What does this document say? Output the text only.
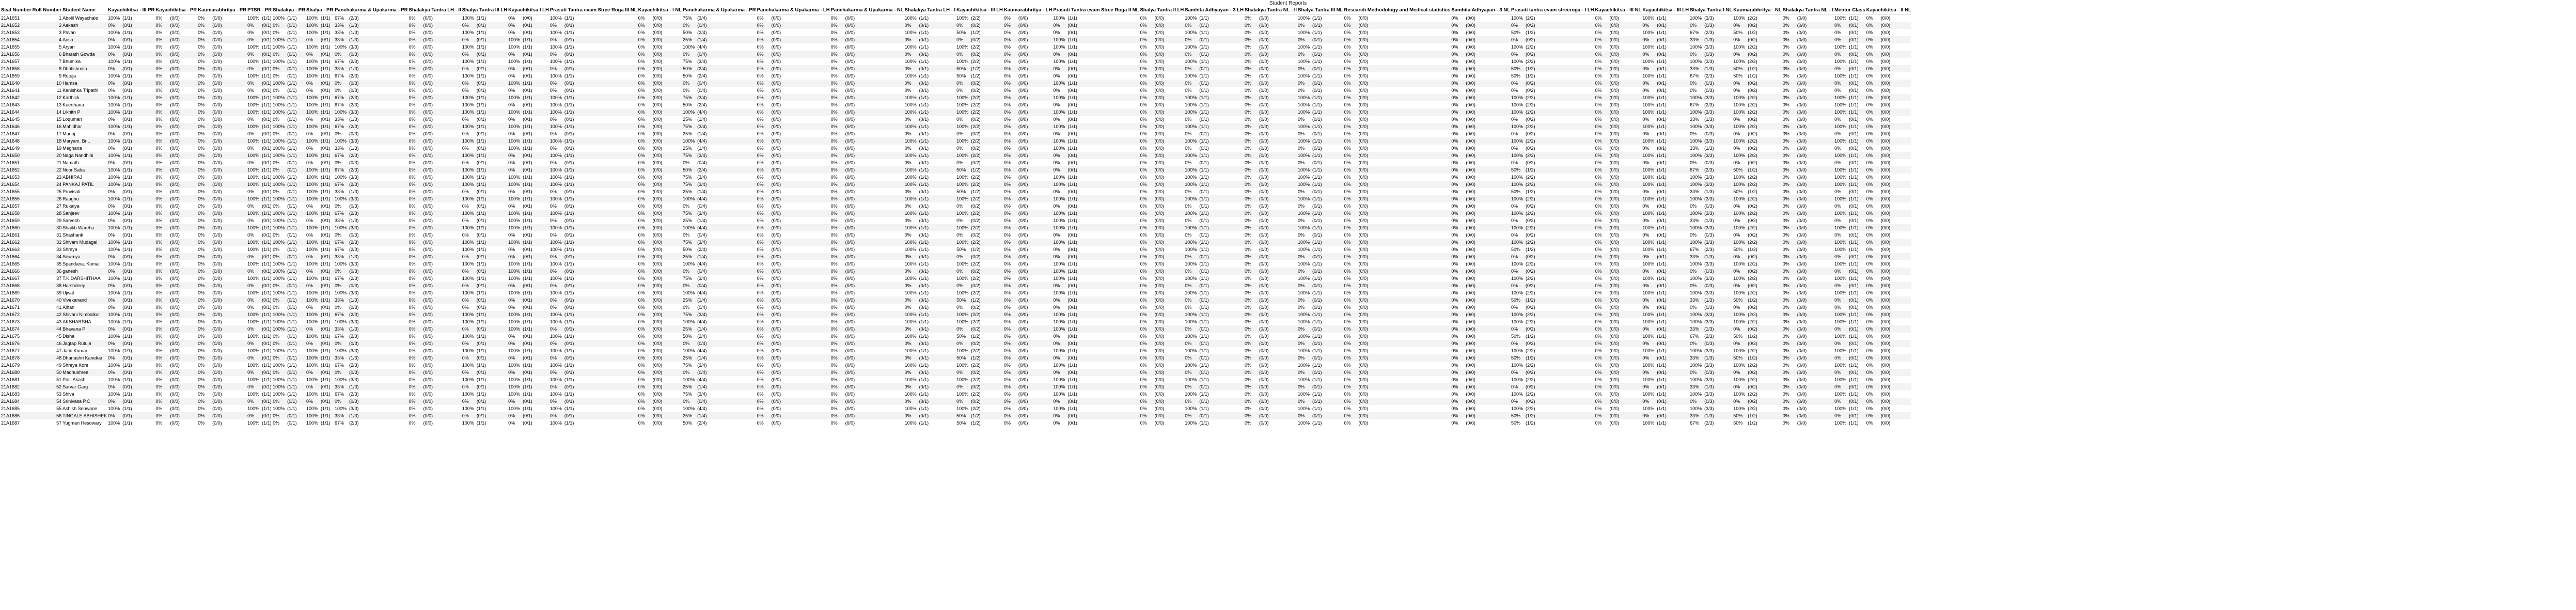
Student Reports
Seat Number	Roll Number	Student Name	Kayachikitsa - III PR	Kayachikitsa - PR	Kaumarabhritya - PR	PTSR - PR	Shalakya - PR	Shalya - PR	Panchakarma & Upakarma - PR	Shalakya Tantra LH - II	Shalya Tantra III LH	Kayachikitsa I LH	Prasuti Tantra evam Stree Roga III NL	Kayachikitsa - I NL	Panchakarma & Upakarma - PR	Panchakarma & Upakarma - LH	Panchakarma & Upakarma - NL	Shalakya Tantra LH - I	Kayachikitsa - III LH	Kaumarabhritya - LH	Prasuti Tantra evam Stree Roga II NL	Shalya Tantra II LH	Samhita Adhyayan - 3 LH	Shalakya Tantra NL - II	Shalya Tantra III NL	Research Methodology and Medical-statistics	Samhita Adhyayan - 3 NL	Prasuti tantra evam streeroga - I LH	Kayachikitsa - III NL	Kayachikitsa - III LH	Shalya Tantra I NL	Kaumarabhritya - NL	Shalakya Tantra NL - I	Mentor Class	Kayachikitsa - II NL
21A1651	1	Abolil Wayachale	100% (1/1)	0% (0/0)	0% (0/0)	100% (1/1)	100% (1/1)	100% (1/1)	67% (2/3)	0% (0/0)	100% (1/1)	0% (0/0)	100% (1/1)	0% (0/0)	75% (3/4)	0% (0/0)	0% (0/0)	100% (1/1)	100% (2/2)	0% (0/0)	100% (1/1)	0% (0/0)	100% (1/1)	0% (0/0)	100% (1/1)	0% (0/0)	0% (0/0)	100% (2/2)	0% (0/0)	100% (1/1)	100% (3/3)	100% (2/2)	0% (0/0)	100% (1/1)	0% (0/0)
21A1652	2	Aakash	0% (0/1)	0% (0/0)	0% (0/0)	0% (0/1)	0% (0/1)	100% (1/1)	33% (1/3)	0% (0/0)	0% (0/1)	0% (0/1)	0% (0/1)	0% (0/0)	0% (0/4)	0% (0/0)	0% (0/0)	0% (0/1)	0% (0/2)	0% (0/0)	0% (0/1)	0% (0/0)	0% (0/1)	0% (0/0)	0% (0/1)	0% (0/0)	0% (0/0)	0% (0/2)	0% (0/0)	0% (0/1)	0% (0/3)	0% (0/2)	0% (0/0)	0% (0/1)	0% (0/0)
21A1653	3	Pavan	100% (1/1)	0% (0/0)	0% (0/0)	0% (0/1)	0% (0/1)	100% (1/1)	33% (1/3)	0% (0/0)	100% (1/1)	0% (0/1)	100% (1/1)	0% (0/0)	50% (2/4)	0% (0/0)	0% (0/0)	100% (1/1)	50% (1/2)	0% (0/0)	0% (0/1)	0% (0/0)	100% (1/1)	0% (0/0)	100% (1/1)	0% (0/0)	0% (0/0)	50% (1/2)	0% (0/0)	100% (1/1)	67% (2/3)	50% (1/2)	0% (0/0)	0% (0/1)	0% (0/0)
21A1654	4	Ansh	0% (0/1)	0% (0/0)	0% (0/0)	0% (0/1)	100% (1/1)	0% (0/1)	33% (1/3)	0% (0/0)	0% (0/1)	100% (1/1)	0% (0/1)	0% (0/0)	25% (1/4)	0% (0/0)	0% (0/0)	0% (0/1)	0% (0/2)	0% (0/0)	100% (1/1)	0% (0/0)	0% (0/1)	0% (0/0)	0% (0/1)	0% (0/0)	0% (0/0)	0% (0/2)	0% (0/0)	0% (0/1)	33% (1/3)	0% (0/2)	0% (0/0)	0% (0/1)	0% (0/0)
21A1655	5	Aryan	100% (1/1)	0% (0/0)	0% (0/0)	100% (1/1)	100% (1/1)	100% (1/1)	100% (3/3)	0% (0/0)	100% (1/1)	100% (1/1)	100% (1/1)	0% (0/0)	100% (4/4)	0% (0/0)	0% (0/0)	100% (1/1)	100% (2/2)	0% (0/0)	100% (1/1)	0% (0/0)	100% (1/1)	0% (0/0)	100% (1/1)	0% (0/0)	0% (0/0)	100% (2/2)	0% (0/0)	100% (1/1)	100% (3/3)	100% (2/2)	0% (0/0)	100% (1/1)	0% (0/0)
21A1656	6	Bharath Gowda	0% (0/1)	0% (0/0)	0% (0/0)	0% (0/1)	0% (0/1)	0% (0/1)	0% (0/3)	0% (0/0)	0% (0/1)	0% (0/1)	0% (0/1)	0% (0/0)	0% (0/4)	0% (0/0)	0% (0/0)	0% (0/1)	0% (0/2)	0% (0/0)	0% (0/1)	0% (0/0)	0% (0/1)	0% (0/0)	0% (0/1)	0% (0/0)	0% (0/0)	0% (0/2)	0% (0/0)	0% (0/1)	0% (0/3)	0% (0/2)	0% (0/0)	0% (0/1)	0% (0/0)
21A1657	7	Bhumika	100% (1/1)	0% (0/0)	0% (0/0)	100% (1/1)	100% (1/1)	100% (1/1)	67% (2/3)	0% (0/0)	100% (1/1)	100% (1/1)	100% (1/1)	0% (0/0)	75% (3/4)	0% (0/0)	0% (0/0)	100% (1/1)	100% (2/2)	0% (0/0)	100% (1/1)	0% (0/0)	100% (1/1)	0% (0/0)	100% (1/1)	0% (0/0)	0% (0/0)	100% (2/2)	0% (0/0)	100% (1/1)	100% (3/3)	100% (2/2)	0% (0/0)	100% (1/1)	0% (0/0)
21A1658	8	Dhritishmita	0% (0/1)	0% (0/0)	0% (0/0)	0% (0/1)	0% (0/1)	100% (1/1)	33% (1/3)	0% (0/0)	0% (0/1)	0% (0/1)	0% (0/1)	0% (0/0)	50% (2/4)	0% (0/0)	0% (0/0)	0% (0/1)	50% (1/2)	0% (0/0)	0% (0/1)	0% (0/0)	0% (0/1)	0% (0/0)	0% (0/1)	0% (0/0)	0% (0/0)	50% (1/2)	0% (0/0)	0% (0/1)	33% (1/3)	50% (1/2)	0% (0/0)	0% (0/1)	0% (0/0)
21A1659	9	Rutuja	100% (1/1)	0% (0/0)	0% (0/0)	100% (1/1)	0% (0/1)	100% (1/1)	67% (2/3)	0% (0/0)	100% (1/1)	0% (0/1)	100% (1/1)	0% (0/0)	50% (2/4)	0% (0/0)	0% (0/0)	100% (1/1)	50% (1/2)	0% (0/0)	0% (0/1)	0% (0/0)	100% (1/1)	0% (0/0)	100% (1/1)	0% (0/0)	0% (0/0)	50% (1/2)	0% (0/0)	100% (1/1)	67% (2/3)	50% (1/2)	0% (0/0)	100% (1/1)	0% (0/0)
21A1640	10	Hamsa	0% (0/1)	0% (0/0)	0% (0/0)	0% (0/1)	100% (1/1)	0% (0/1)	0% (0/3)	0% (0/0)	0% (0/1)	100% (1/1)	0% (0/1)	0% (0/0)	0% (0/4)	0% (0/0)	0% (0/0)	0% (0/1)	0% (0/2)	0% (0/0)	100% (1/1)	0% (0/0)	0% (0/1)	0% (0/0)	0% (0/1)	0% (0/0)	0% (0/0)	0% (0/2)	0% (0/0)	0% (0/1)	0% (0/3)	0% (0/2)	0% (0/0)	0% (0/1)	0% (0/0)
21A1641	11	Kanishka Tripathi	0% (0/1)	0% (0/0)	0% (0/0)	0% (0/1)	0% (0/1)	0% (0/1)	0% (0/3)	0% (0/0)	0% (0/1)	0% (0/1)	0% (0/1)	0% (0/0)	0% (0/4)	0% (0/0)	0% (0/0)	0% (0/1)	0% (0/2)	0% (0/0)	0% (0/1)	0% (0/0)	0% (0/1)	0% (0/0)	0% (0/1)	0% (0/0)	0% (0/0)	0% (0/2)	0% (0/0)	0% (0/1)	0% (0/3)	0% (0/2)	0% (0/0)	0% (0/1)	0% (0/0)
21A1642	12	Karthick	100% (1/1)	0% (0/0)	0% (0/0)	100% (1/1)	100% (1/1)	100% (1/1)	67% (2/3)	0% (0/0)	100% (1/1)	100% (1/1)	100% (1/1)	0% (0/0)	75% (3/4)	0% (0/0)	0% (0/0)	100% (1/1)	100% (2/2)	0% (0/0)	100% (1/1)	0% (0/0)	100% (1/1)	0% (0/0)	100% (1/1)	0% (0/0)	0% (0/0)	100% (2/2)	0% (0/0)	100% (1/1)	100% (3/3)	100% (2/2)	0% (0/0)	100% (1/1)	0% (0/0)
21A1643	13	Keerthana	100% (1/1)	0% (0/0)	0% (0/0)	100% (1/1)	100% (1/1)	100% (1/1)	67% (2/3)	0% (0/0)	100% (1/1)	0% (0/1)	100% (1/1)	0% (0/0)	50% (2/4)	0% (0/0)	0% (0/0)	100% (1/1)	100% (2/2)	0% (0/0)	0% (0/1)	0% (0/0)	100% (1/1)	0% (0/0)	100% (1/1)	0% (0/0)	0% (0/0)	100% (2/2)	0% (0/0)	100% (1/1)	67% (2/3)	100% (2/2)	0% (0/0)	100% (1/1)	0% (0/0)
21A1644	14	Likhith P	100% (1/1)	0% (0/0)	0% (0/0)	100% (1/1)	100% (1/1)	100% (1/1)	100% (3/3)	0% (0/0)	100% (1/1)	100% (1/1)	100% (1/1)	0% (0/0)	100% (4/4)	0% (0/0)	0% (0/0)	100% (1/1)	100% (2/2)	0% (0/0)	100% (1/1)	0% (0/0)	100% (1/1)	0% (0/0)	100% (1/1)	0% (0/0)	0% (0/0)	100% (2/2)	0% (0/0)	100% (1/1)	100% (3/3)	100% (2/2)	0% (0/0)	100% (1/1)	0% (0/0)
21A1645	15	Loquman	0% (0/1)	0% (0/0)	0% (0/0)	0% (0/1)	0% (0/1)	0% (0/1)	33% (1/3)	0% (0/0)	0% (0/1)	0% (0/1)	0% (0/1)	0% (0/0)	25% (1/4)	0% (0/0)	0% (0/0)	0% (0/1)	0% (0/2)	0% (0/0)	0% (0/1)	0% (0/0)	0% (0/1)	0% (0/0)	0% (0/1)	0% (0/0)	0% (0/0)	0% (0/2)	0% (0/0)	0% (0/1)	33% (1/3)	0% (0/2)	0% (0/0)	0% (0/1)	0% (0/0)
21A1646	16	Mahidhar	100% (1/1)	0% (0/0)	0% (0/0)	100% (1/1)	100% (1/1)	100% (1/1)	67% (2/3)	0% (0/0)	100% (1/1)	100% (1/1)	100% (1/1)	0% (0/0)	75% (3/4)	0% (0/0)	0% (0/0)	100% (1/1)	100% (2/2)	0% (0/0)	100% (1/1)	0% (0/0)	100% (1/1)	0% (0/0)	100% (1/1)	0% (0/0)	0% (0/0)	100% (2/2)	0% (0/0)	100% (1/1)	100% (3/3)	100% (2/2)	0% (0/0)	100% (1/1)	0% (0/0)
21A1647	17	Manoj	0% (0/1)	0% (0/0)	0% (0/0)	0% (0/1)	0% (0/1)	0% (0/1)	0% (0/3)	0% (0/0)	0% (0/1)	0% (0/1)	0% (0/1)	0% (0/0)	25% (1/4)	0% (0/0)	0% (0/0)	0% (0/1)	0% (0/2)	0% (0/0)	0% (0/1)	0% (0/0)	0% (0/1)	0% (0/0)	0% (0/1)	0% (0/0)	0% (0/0)	0% (0/2)	0% (0/0)	0% (0/1)	0% (0/3)	0% (0/2)	0% (0/0)	0% (0/1)	0% (0/0)
21A1648	18	Maryam. Br...	100% (1/1)	0% (0/0)	0% (0/0)	100% (1/1)	100% (1/1)	100% (1/1)	100% (3/3)	0% (0/0)	100% (1/1)	100% (1/1)	100% (1/1)	0% (0/0)	100% (4/4)	0% (0/0)	0% (0/0)	100% (1/1)	100% (2/2)	0% (0/0)	100% (1/1)	0% (0/0)	100% (1/1)	0% (0/0)	100% (1/1)	0% (0/0)	0% (0/0)	100% (2/2)	0% (0/0)	100% (1/1)	100% (3/3)	100% (2/2)	0% (0/0)	100% (1/1)	0% (0/0)
21A1649	19	Meghana	0% (0/1)	0% (0/0)	0% (0/0)	0% (0/1)	100% (1/1)	0% (0/1)	33% (1/3)	0% (0/0)	0% (0/1)	100% (1/1)	0% (0/1)	0% (0/0)	25% (1/4)	0% (0/0)	0% (0/0)	0% (0/1)	0% (0/2)	0% (0/0)	100% (1/1)	0% (0/0)	0% (0/1)	0% (0/0)	0% (0/1)	0% (0/0)	0% (0/0)	0% (0/2)	0% (0/0)	0% (0/1)	33% (1/3)	0% (0/2)	0% (0/0)	0% (0/1)	0% (0/0)
21A1650	20	Naga Nandhini	100% (1/1)	0% (0/0)	0% (0/0)	100% (1/1)	100% (1/1)	100% (1/1)	67% (2/3)	0% (0/0)	100% (1/1)	0% (0/1)	100% (1/1)	0% (0/0)	75% (3/4)	0% (0/0)	0% (0/0)	100% (1/1)	100% (2/2)	0% (0/0)	0% (0/1)	0% (0/0)	100% (1/1)	0% (0/0)	100% (1/1)	0% (0/0)	0% (0/0)	100% (2/2)	0% (0/0)	100% (1/1)	100% (3/3)	100% (2/2)	0% (0/0)	100% (1/1)	0% (0/0)
21A1651	21	Namath	0% (0/1)	0% (0/0)	0% (0/0)	0% (0/1)	0% (0/1)	0% (0/1)	0% (0/3)	0% (0/0)	0% (0/1)	0% (0/1)	0% (0/1)	0% (0/0)	0% (0/4)	0% (0/0)	0% (0/0)	0% (0/1)	0% (0/2)	0% (0/0)	0% (0/1)	0% (0/0)	0% (0/1)	0% (0/0)	0% (0/1)	0% (0/0)	0% (0/0)	0% (0/2)	0% (0/0)	0% (0/1)	0% (0/3)	0% (0/2)	0% (0/0)	0% (0/1)	0% (0/0)
21A1652	22	Noor Saba	100% (1/1)	0% (0/0)	0% (0/0)	100% (1/1)	0% (0/1)	100% (1/1)	67% (2/3)	0% (0/0)	100% (1/1)	0% (0/1)	100% (1/1)	0% (0/0)	50% (2/4)	0% (0/0)	0% (0/0)	100% (1/1)	50% (1/2)	0% (0/0)	0% (0/1)	0% (0/0)	100% (1/1)	0% (0/0)	100% (1/1)	0% (0/0)	0% (0/0)	50% (1/2)	0% (0/0)	100% (1/1)	67% (2/3)	50% (1/2)	0% (0/0)	100% (1/1)	0% (0/0)
21A1653	23	ABHIRAJ	100% (1/1)	0% (0/0)	0% (0/0)	100% (1/1)	100% (1/1)	100% (1/1)	100% (3/3)	0% (0/0)	100% (1/1)	100% (1/1)	100% (1/1)	0% (0/0)	75% (3/4)	0% (0/0)	0% (0/0)	100% (1/1)	100% (2/2)	0% (0/0)	100% (1/1)	0% (0/0)	100% (1/1)	0% (0/0)	100% (1/1)	0% (0/0)	0% (0/0)	100% (2/2)	0% (0/0)	100% (1/1)	100% (3/3)	100% (2/2)	0% (0/0)	100% (1/1)	0% (0/0)
21A1654	24	PANKAJ PATIL	100% (1/1)	0% (0/0)	0% (0/0)	100% (1/1)	100% (1/1)	100% (1/1)	67% (2/3)	0% (0/0)	100% (1/1)	100% (1/1)	100% (1/1)	0% (0/0)	75% (3/4)	0% (0/0)	0% (0/0)	100% (1/1)	100% (2/2)	0% (0/0)	100% (1/1)	0% (0/0)	100% (1/1)	0% (0/0)	100% (1/1)	0% (0/0)	0% (0/0)	100% (2/2)	0% (0/0)	100% (1/1)	100% (3/3)	100% (2/2)	0% (0/0)	100% (1/1)	0% (0/0)
21A1655	25	Pruvisati	0% (0/1)	0% (0/0)	0% (0/0)	0% (0/1)	0% (0/1)	100% (1/1)	33% (1/3)	0% (0/0)	0% (0/1)	0% (0/1)	0% (0/1)	0% (0/0)	25% (1/4)	0% (0/0)	0% (0/0)	0% (0/1)	50% (1/2)	0% (0/0)	0% (0/1)	0% (0/0)	0% (0/1)	0% (0/0)	0% (0/1)	0% (0/0)	0% (0/0)	50% (1/2)	0% (0/0)	0% (0/1)	33% (1/3)	50% (1/2)	0% (0/0)	0% (0/1)	0% (0/0)
21A1656	26	Raaghu	100% (1/1)	0% (0/0)	0% (0/0)	100% (1/1)	100% (1/1)	100% (1/1)	100% (3/3)	0% (0/0)	100% (1/1)	100% (1/1)	100% (1/1)	0% (0/0)	100% (4/4)	0% (0/0)	0% (0/0)	100% (1/1)	100% (2/2)	0% (0/0)	100% (1/1)	0% (0/0)	100% (1/1)	0% (0/0)	100% (1/1)	0% (0/0)	0% (0/0)	100% (2/2)	0% (0/0)	100% (1/1)	100% (3/3)	100% (2/2)	0% (0/0)	100% (1/1)	0% (0/0)
21A1657	27	Rukaiya	0% (0/1)	0% (0/0)	0% (0/0)	0% (0/1)	0% (0/1)	0% (0/1)	0% (0/3)	0% (0/0)	0% (0/1)	0% (0/1)	0% (0/1)	0% (0/0)	0% (0/4)	0% (0/0)	0% (0/0)	0% (0/1)	0% (0/2)	0% (0/0)	0% (0/1)	0% (0/0)	0% (0/1)	0% (0/0)	0% (0/1)	0% (0/0)	0% (0/0)	0% (0/2)	0% (0/0)	0% (0/1)	0% (0/3)	0% (0/2)	0% (0/0)	0% (0/1)	0% (0/0)
21A1658	28	Sanjeev	100% (1/1)	0% (0/0)	0% (0/0)	100% (1/1)	100% (1/1)	100% (1/1)	67% (2/3)	0% (0/0)	100% (1/1)	100% (1/1)	100% (1/1)	0% (0/0)	75% (3/4)	0% (0/0)	0% (0/0)	100% (1/1)	100% (2/2)	0% (0/0)	100% (1/1)	0% (0/0)	100% (1/1)	0% (0/0)	100% (1/1)	0% (0/0)	0% (0/0)	100% (2/2)	0% (0/0)	100% (1/1)	100% (3/3)	100% (2/2)	0% (0/0)	100% (1/1)	0% (0/0)
21A1659	29	Sarvesh	0% (0/1)	0% (0/0)	0% (0/0)	0% (0/1)	100% (1/1)	0% (0/1)	33% (1/3)	0% (0/0)	0% (0/1)	100% (1/1)	0% (0/1)	0% (0/0)	25% (1/4)	0% (0/0)	0% (0/0)	0% (0/1)	0% (0/2)	0% (0/0)	100% (1/1)	0% (0/0)	0% (0/1)	0% (0/0)	0% (0/1)	0% (0/0)	0% (0/0)	0% (0/2)	0% (0/0)	0% (0/1)	33% (1/3)	0% (0/2)	0% (0/0)	0% (0/1)	0% (0/0)
21A1660	30	Shaikh Wareha	100% (1/1)	0% (0/0)	0% (0/0)	100% (1/1)	100% (1/1)	100% (1/1)	100% (3/3)	0% (0/0)	100% (1/1)	100% (1/1)	100% (1/1)	0% (0/0)	100% (4/4)	0% (0/0)	0% (0/0)	100% (1/1)	100% (2/2)	0% (0/0)	100% (1/1)	0% (0/0)	100% (1/1)	0% (0/0)	100% (1/1)	0% (0/0)	0% (0/0)	100% (2/2)	0% (0/0)	100% (1/1)	100% (3/3)	100% (2/2)	0% (0/0)	100% (1/1)	0% (0/0)
21A1661	31	Shashank	0% (0/1)	0% (0/0)	0% (0/0)	0% (0/1)	0% (0/1)	0% (0/1)	0% (0/3)	0% (0/0)	0% (0/1)	0% (0/1)	0% (0/1)	0% (0/0)	0% (0/4)	0% (0/0)	0% (0/0)	0% (0/1)	0% (0/2)	0% (0/0)	0% (0/1)	0% (0/0)	0% (0/1)	0% (0/0)	0% (0/1)	0% (0/0)	0% (0/0)	0% (0/2)	0% (0/0)	0% (0/1)	0% (0/3)	0% (0/2)	0% (0/0)	0% (0/1)	0% (0/0)
21A1662	32	Shivam Mudagal	100% (1/1)	0% (0/0)	0% (0/0)	100% (1/1)	100% (1/1)	100% (1/1)	67% (2/3)	0% (0/0)	100% (1/1)	100% (1/1)	100% (1/1)	0% (0/0)	75% (3/4)	0% (0/0)	0% (0/0)	100% (1/1)	100% (2/2)	0% (0/0)	100% (1/1)	0% (0/0)	100% (1/1)	0% (0/0)	100% (1/1)	0% (0/0)	0% (0/0)	100% (2/2)	0% (0/0)	100% (1/1)	100% (3/3)	100% (2/2)	0% (0/0)	100% (1/1)	0% (0/0)
21A1663	33	Shreya	100% (1/1)	0% (0/0)	0% (0/0)	100% (1/1)	0% (0/1)	100% (1/1)	67% (2/3)	0% (0/0)	100% (1/1)	0% (0/1)	100% (1/1)	0% (0/0)	50% (2/4)	0% (0/0)	0% (0/0)	100% (1/1)	50% (1/2)	0% (0/0)	0% (0/1)	0% (0/0)	100% (1/1)	0% (0/0)	100% (1/1)	0% (0/0)	0% (0/0)	50% (1/2)	0% (0/0)	100% (1/1)	67% (2/3)	50% (1/2)	0% (0/0)	100% (1/1)	0% (0/0)
21A1664	34	Sowmya	0% (0/1)	0% (0/0)	0% (0/0)	0% (0/1)	0% (0/1)	0% (0/1)	33% (1/3)	0% (0/0)	0% (0/1)	0% (0/1)	0% (0/1)	0% (0/0)	25% (1/4)	0% (0/0)	0% (0/0)	0% (0/1)	0% (0/2)	0% (0/0)	0% (0/1)	0% (0/0)	0% (0/1)	0% (0/0)	0% (0/1)	0% (0/0)	0% (0/0)	0% (0/2)	0% (0/0)	0% (0/1)	33% (1/3)	0% (0/2)	0% (0/0)	0% (0/1)	0% (0/0)
21A1665	35	Spandana. Kumalli	100% (1/1)	0% (0/0)	0% (0/0)	100% (1/1)	100% (1/1)	100% (1/1)	100% (3/3)	0% (0/0)	100% (1/1)	100% (1/1)	100% (1/1)	0% (0/0)	100% (4/4)	0% (0/0)	0% (0/0)	100% (1/1)	100% (2/2)	0% (0/0)	100% (1/1)	0% (0/0)	100% (1/1)	0% (0/0)	100% (1/1)	0% (0/0)	0% (0/0)	100% (2/2)	0% (0/0)	100% (1/1)	100% (3/3)	100% (2/2)	0% (0/0)	100% (1/1)	0% (0/0)
21A1666	36	ganesh	0% (0/1)	0% (0/0)	0% (0/0)	0% (0/1)	100% (1/1)	0% (0/1)	0% (0/3)	0% (0/0)	0% (0/1)	100% (1/1)	0% (0/1)	0% (0/0)	0% (0/4)	0% (0/0)	0% (0/0)	0% (0/1)	0% (0/2)	0% (0/0)	100% (1/1)	0% (0/0)	0% (0/1)	0% (0/0)	0% (0/1)	0% (0/0)	0% (0/0)	0% (0/2)	0% (0/0)	0% (0/1)	0% (0/3)	0% (0/2)	0% (0/0)	0% (0/1)	0% (0/0)
21A1667	37	T.K.DARSHITHAA	100% (1/1)	0% (0/0)	0% (0/0)	100% (1/1)	100% (1/1)	100% (1/1)	67% (2/3)	0% (0/0)	100% (1/1)	100% (1/1)	100% (1/1)	0% (0/0)	75% (3/4)	0% (0/0)	0% (0/0)	100% (1/1)	100% (2/2)	0% (0/0)	100% (1/1)	0% (0/0)	100% (1/1)	0% (0/0)	100% (1/1)	0% (0/0)	0% (0/0)	100% (2/2)	0% (0/0)	100% (1/1)	100% (3/3)	100% (2/2)	0% (0/0)	100% (1/1)	0% (0/0)
21A1668	38	Harshdeep	0% (0/1)	0% (0/0)	0% (0/0)	0% (0/1)	0% (0/1)	0% (0/1)	0% (0/3)	0% (0/0)	0% (0/1)	0% (0/1)	0% (0/1)	0% (0/0)	0% (0/4)	0% (0/0)	0% (0/0)	0% (0/1)	0% (0/2)	0% (0/0)	0% (0/1)	0% (0/0)	0% (0/1)	0% (0/0)	0% (0/1)	0% (0/0)	0% (0/0)	0% (0/2)	0% (0/0)	0% (0/1)	0% (0/3)	0% (0/2)	0% (0/0)	0% (0/1)	0% (0/0)
21A1669	39	Ujwal	100% (1/1)	0% (0/0)	0% (0/0)	100% (1/1)	100% (1/1)	100% (1/1)	100% (3/3)	0% (0/0)	100% (1/1)	100% (1/1)	100% (1/1)	0% (0/0)	100% (4/4)	0% (0/0)	0% (0/0)	100% (1/1)	100% (2/2)	0% (0/0)	100% (1/1)	0% (0/0)	100% (1/1)	0% (0/0)	100% (1/1)	0% (0/0)	0% (0/0)	100% (2/2)	0% (0/0)	100% (1/1)	100% (3/3)	100% (2/2)	0% (0/0)	100% (1/1)	0% (0/0)
21A1670	40	Vivekanand	0% (0/1)	0% (0/0)	0% (0/0)	0% (0/1)	0% (0/1)	100% (1/1)	33% (1/3)	0% (0/0)	0% (0/1)	0% (0/1)	0% (0/1)	0% (0/0)	25% (1/4)	0% (0/0)	0% (0/0)	0% (0/1)	50% (1/2)	0% (0/0)	0% (0/1)	0% (0/0)	0% (0/1)	0% (0/0)	0% (0/1)	0% (0/0)	0% (0/0)	50% (1/2)	0% (0/0)	0% (0/1)	33% (1/3)	50% (1/2)	0% (0/0)	0% (0/1)	0% (0/0)
21A1671	41	Aihan	0% (0/1)	0% (0/0)	0% (0/0)	0% (0/1)	0% (0/1)	0% (0/1)	0% (0/3)	0% (0/0)	0% (0/1)	0% (0/1)	0% (0/1)	0% (0/0)	0% (0/4)	0% (0/0)	0% (0/0)	0% (0/1)	0% (0/2)	0% (0/0)	0% (0/1)	0% (0/0)	0% (0/1)	0% (0/0)	0% (0/1)	0% (0/0)	0% (0/0)	0% (0/2)	0% (0/0)	0% (0/1)	0% (0/3)	0% (0/2)	0% (0/0)	0% (0/1)	0% (0/0)
21A1672	42	Shivani Nimbalkar	100% (1/1)	0% (0/0)	0% (0/0)	100% (1/1)	100% (1/1)	100% (1/1)	67% (2/3)	0% (0/0)	100% (1/1)	100% (1/1)	100% (1/1)	0% (0/0)	75% (3/4)	0% (0/0)	0% (0/0)	100% (1/1)	100% (2/2)	0% (0/0)	100% (1/1)	0% (0/0)	100% (1/1)	0% (0/0)	100% (1/1)	0% (0/0)	0% (0/0)	100% (2/2)	0% (0/0)	100% (1/1)	100% (3/3)	100% (2/2)	0% (0/0)	100% (1/1)	0% (0/0)
21A1673	43	AKSHARSHA	100% (1/1)	0% (0/0)	0% (0/0)	100% (1/1)	100% (1/1)	100% (1/1)	100% (3/3)	0% (0/0)	100% (1/1)	100% (1/1)	100% (1/1)	0% (0/0)	100% (4/4)	0% (0/0)	0% (0/0)	100% (1/1)	100% (2/2)	0% (0/0)	100% (1/1)	0% (0/0)	100% (1/1)	0% (0/0)	100% (1/1)	0% (0/0)	0% (0/0)	100% (2/2)	0% (0/0)	100% (1/1)	100% (3/3)	100% (2/2)	0% (0/0)	100% (1/1)	0% (0/0)
21A1674	44	Bhavana P	0% (0/1)	0% (0/0)	0% (0/0)	0% (0/1)	100% (1/1)	0% (0/1)	33% (1/3)	0% (0/0)	0% (0/1)	100% (1/1)	0% (0/1)	0% (0/0)	25% (1/4)	0% (0/0)	0% (0/0)	0% (0/1)	0% (0/2)	0% (0/0)	100% (1/1)	0% (0/0)	0% (0/1)	0% (0/0)	0% (0/1)	0% (0/0)	0% (0/0)	0% (0/2)	0% (0/0)	0% (0/1)	33% (1/3)	0% (0/2)	0% (0/0)	0% (0/1)	0% (0/0)
21A1675	45	Disha	100% (1/1)	0% (0/0)	0% (0/0)	100% (1/1)	0% (0/1)	100% (1/1)	67% (2/3)	0% (0/0)	100% (1/1)	0% (0/1)	100% (1/1)	0% (0/0)	50% (2/4)	0% (0/0)	0% (0/0)	100% (1/1)	50% (1/2)	0% (0/0)	0% (0/1)	0% (0/0)	100% (1/1)	0% (0/0)	100% (1/1)	0% (0/0)	0% (0/0)	50% (1/2)	0% (0/0)	100% (1/1)	67% (2/3)	50% (1/2)	0% (0/0)	100% (1/1)	0% (0/0)
21A1676	46	Jagtap Rutuja	0% (0/1)	0% (0/0)	0% (0/0)	0% (0/1)	0% (0/1)	0% (0/1)	0% (0/3)	0% (0/0)	0% (0/1)	0% (0/1)	0% (0/1)	0% (0/0)	0% (0/4)	0% (0/0)	0% (0/0)	0% (0/1)	0% (0/2)	0% (0/0)	0% (0/1)	0% (0/0)	0% (0/1)	0% (0/0)	0% (0/1)	0% (0/0)	0% (0/0)	0% (0/2)	0% (0/0)	0% (0/1)	0% (0/3)	0% (0/2)	0% (0/0)	0% (0/1)	0% (0/0)
21A1677	47	Jatin Kumar	100% (1/1)	0% (0/0)	0% (0/0)	100% (1/1)	100% (1/1)	100% (1/1)	100% (3/3)	0% (0/0)	100% (1/1)	100% (1/1)	100% (1/1)	0% (0/0)	100% (4/4)	0% (0/0)	0% (0/0)	100% (1/1)	100% (2/2)	0% (0/0)	100% (1/1)	0% (0/0)	100% (1/1)	0% (0/0)	100% (1/1)	0% (0/0)	0% (0/0)	100% (2/2)	0% (0/0)	100% (1/1)	100% (3/3)	100% (2/2)	0% (0/0)	100% (1/1)	0% (0/0)
21A1678	48	Dhanashri Kanekar	0% (0/1)	0% (0/0)	0% (0/0)	0% (0/1)	0% (0/1)	100% (1/1)	33% (1/3)	0% (0/0)	0% (0/1)	0% (0/1)	0% (0/1)	0% (0/0)	25% (1/4)	0% (0/0)	0% (0/0)	0% (0/1)	50% (1/2)	0% (0/0)	0% (0/1)	0% (0/0)	0% (0/1)	0% (0/0)	0% (0/1)	0% (0/0)	0% (0/0)	50% (1/2)	0% (0/0)	0% (0/1)	33% (1/3)	50% (1/2)	0% (0/0)	0% (0/1)	0% (0/0)
21A1679	49	Shreya Kore	100% (1/1)	0% (0/0)	0% (0/0)	100% (1/1)	100% (1/1)	100% (1/1)	67% (2/3)	0% (0/0)	100% (1/1)	100% (1/1)	100% (1/1)	0% (0/0)	75% (3/4)	0% (0/0)	0% (0/0)	100% (1/1)	100% (2/2)	0% (0/0)	100% (1/1)	0% (0/0)	100% (1/1)	0% (0/0)	100% (1/1)	0% (0/0)	0% (0/0)	100% (2/2)	0% (0/0)	100% (1/1)	100% (3/3)	100% (2/2)	0% (0/0)	100% (1/1)	0% (0/0)
21A1680	50	Madhushree	0% (0/1)	0% (0/0)	0% (0/0)	0% (0/1)	0% (0/1)	0% (0/1)	0% (0/3)	0% (0/0)	0% (0/1)	0% (0/1)	0% (0/1)	0% (0/0)	0% (0/4)	0% (0/0)	0% (0/0)	0% (0/1)	0% (0/2)	0% (0/0)	0% (0/1)	0% (0/0)	0% (0/1)	0% (0/0)	0% (0/1)	0% (0/0)	0% (0/0)	0% (0/2)	0% (0/0)	0% (0/1)	0% (0/3)	0% (0/2)	0% (0/0)	0% (0/1)	0% (0/0)
21A1681	51	Patil Akash	100% (1/1)	0% (0/0)	0% (0/0)	100% (1/1)	100% (1/1)	100% (1/1)	100% (3/3)	0% (0/0)	100% (1/1)	100% (1/1)	100% (1/1)	0% (0/0)	100% (4/4)	0% (0/0)	0% (0/0)	100% (1/1)	100% (2/2)	0% (0/0)	100% (1/1)	0% (0/0)	100% (1/1)	0% (0/0)	100% (1/1)	0% (0/0)	0% (0/0)	100% (2/2)	0% (0/0)	100% (1/1)	100% (3/3)	100% (2/2)	0% (0/0)	100% (1/1)	0% (0/0)
21A1682	52	Sarvar Garg	0% (0/1)	0% (0/0)	0% (0/0)	0% (0/1)	100% (1/1)	0% (0/1)	33% (1/3)	0% (0/0)	0% (0/1)	100% (1/1)	0% (0/1)	0% (0/0)	25% (1/4)	0% (0/0)	0% (0/0)	0% (0/1)	0% (0/2)	0% (0/0)	100% (1/1)	0% (0/0)	0% (0/1)	0% (0/0)	0% (0/1)	0% (0/0)	0% (0/0)	0% (0/2)	0% (0/0)	0% (0/1)	33% (1/3)	0% (0/2)	0% (0/0)	0% (0/1)	0% (0/0)
21A1683	53	Shiva	100% (1/1)	0% (0/0)	0% (0/0)	100% (1/1)	100% (1/1)	100% (1/1)	67% (2/3)	0% (0/0)	100% (1/1)	100% (1/1)	100% (1/1)	0% (0/0)	75% (3/4)	0% (0/0)	0% (0/0)	100% (1/1)	100% (2/2)	0% (0/0)	100% (1/1)	0% (0/0)	100% (1/1)	0% (0/0)	100% (1/1)	0% (0/0)	0% (0/0)	100% (2/2)	0% (0/0)	100% (1/1)	100% (3/3)	100% (2/2)	0% (0/0)	100% (1/1)	0% (0/0)
21A1684	54	Srinivasa P.C	0% (0/1)	0% (0/0)	0% (0/0)	0% (0/1)	0% (0/1)	0% (0/1)	0% (0/3)	0% (0/0)	0% (0/1)	0% (0/1)	0% (0/1)	0% (0/0)	0% (0/4)	0% (0/0)	0% (0/0)	0% (0/1)	0% (0/2)	0% (0/0)	0% (0/1)	0% (0/0)	0% (0/1)	0% (0/0)	0% (0/1)	0% (0/0)	0% (0/0)	0% (0/2)	0% (0/0)	0% (0/1)	0% (0/3)	0% (0/2)	0% (0/0)	0% (0/1)	0% (0/0)
21A1685	55	Ashish Sonwane	100% (1/1)	0% (0/0)	0% (0/0)	100% (1/1)	100% (1/1)	100% (1/1)	100% (3/3)	0% (0/0)	100% (1/1)	100% (1/1)	100% (1/1)	0% (0/0)	100% (4/4)	0% (0/0)	0% (0/0)	100% (1/1)	100% (2/2)	0% (0/0)	100% (1/1)	0% (0/0)	100% (1/1)	0% (0/0)	100% (1/1)	0% (0/0)	0% (0/0)	100% (2/2)	0% (0/0)	100% (1/1)	100% (3/3)	100% (2/2)	0% (0/0)	100% (1/1)	0% (0/0)
21A1686	56	TINGALE ABHISHEK	0% (0/1)	0% (0/0)	0% (0/0)	0% (0/1)	0% (0/1)	100% (1/1)	33% (1/3)	0% (0/0)	0% (0/1)	0% (0/1)	0% (0/1)	0% (0/0)	25% (1/4)	0% (0/0)	0% (0/0)	0% (0/1)	50% (1/2)	0% (0/0)	0% (0/1)	0% (0/0)	0% (0/1)	0% (0/0)	0% (0/1)	0% (0/0)	0% (0/0)	50% (1/2)	0% (0/0)	0% (0/1)	33% (1/3)	50% (1/2)	0% (0/0)	0% (0/1)	0% (0/0)
21A1687	57	Yugman Hesowary	100% (1/1)	0% (0/0)	0% (0/0)	100% (1/1)	0% (0/1)	100% (1/1)	67% (2/3)	0% (0/0)	100% (1/1)	0% (0/1)	100% (1/1)	0% (0/0)	50% (2/4)	0% (0/0)	0% (0/0)	100% (1/1)	50% (1/2)	0% (0/0)	0% (0/1)	0% (0/0)	100% (1/1)	0% (0/0)	100% (1/1)	0% (0/0)	0% (0/0)	50% (1/2)	0% (0/0)	100% (1/1)	67% (2/3)	50% (1/2)	0% (0/0)	100% (1/1)	0% (0/0)
